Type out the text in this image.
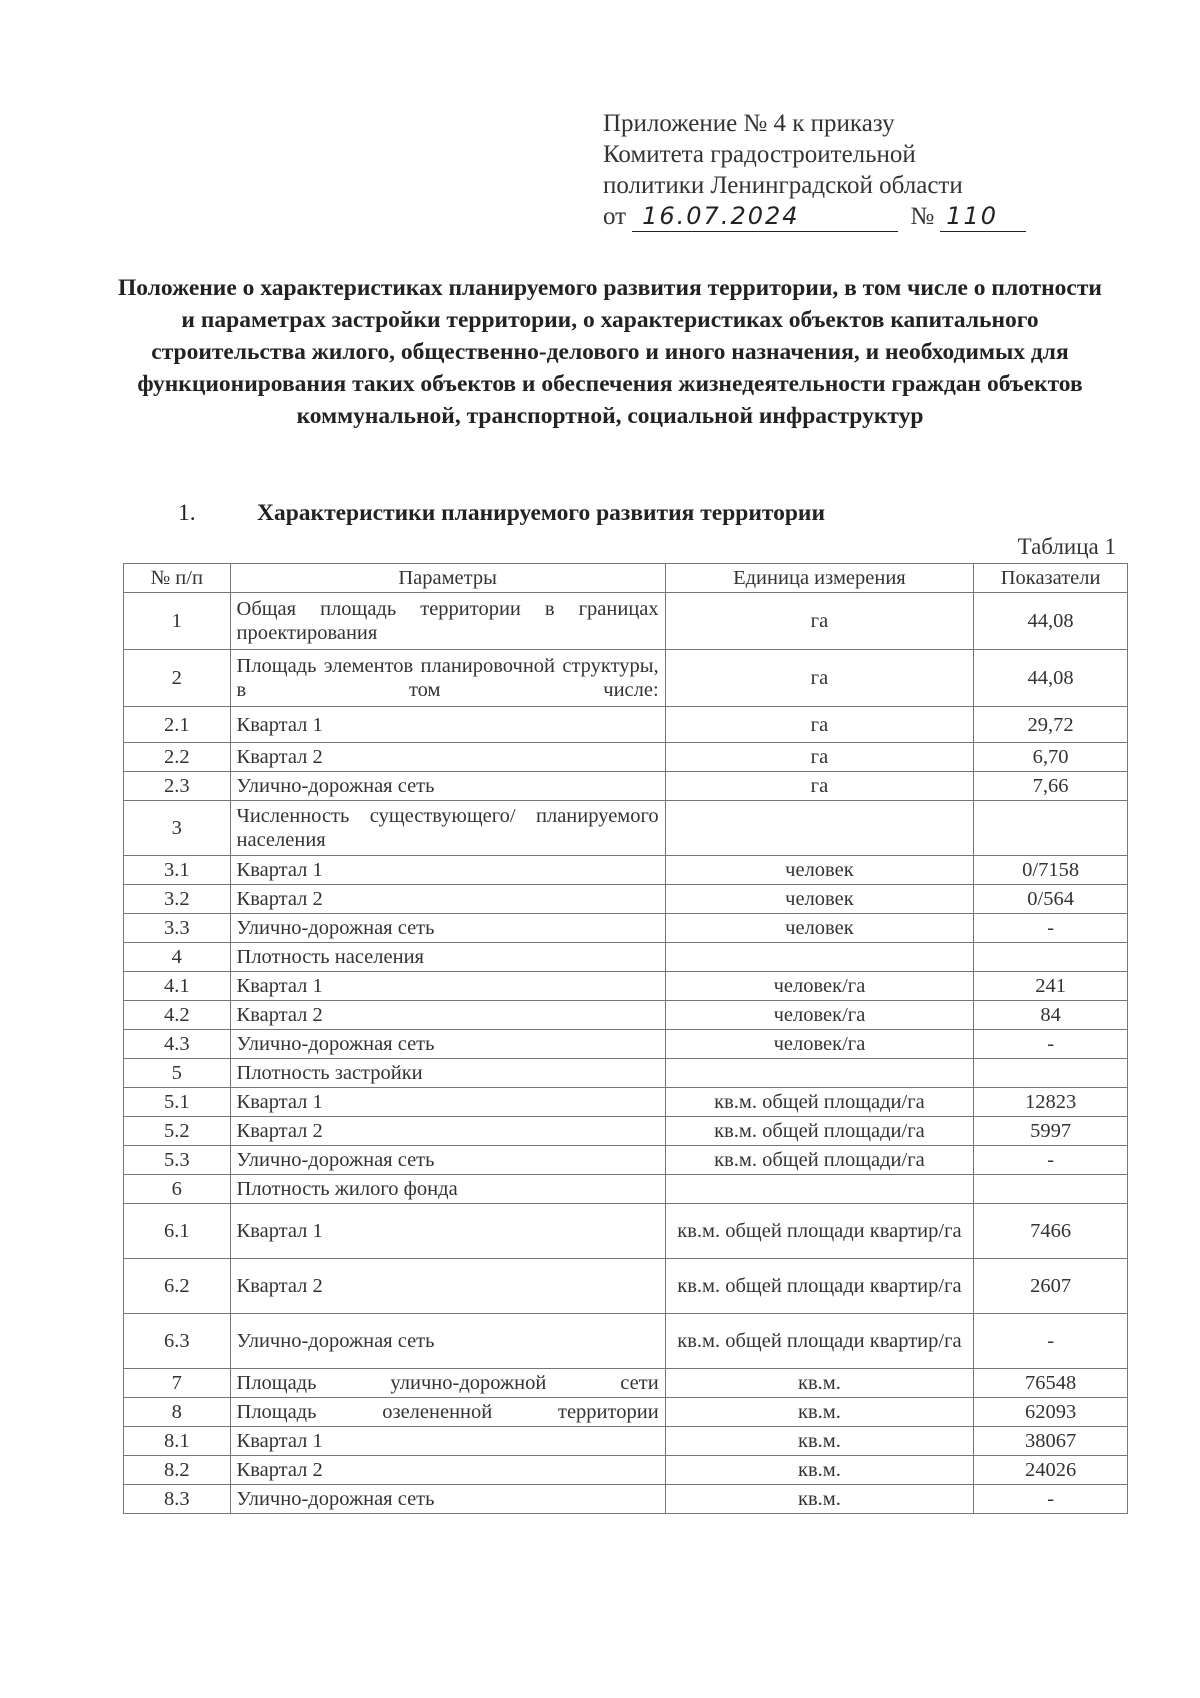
Приложение № 4 к приказу
Комитета градостроительной
политики Ленинградской области
от 16.07.2024	№ 110
Положение о характеристиках планируемого развития территории, в том числе о плотности и параметрах застройки территории, о характеристиках объектов капитального строительства жилого, общественно-делового и иного назначения, и необходимых для функционирования таких объектов и обеспечения жизнедеятельности граждан объектов коммунальной, транспортной, социальной инфраструктур
1.	Характеристики планируемого развития территории
Таблица 1
№ п/п	Параметры	Единица измерения	Показатели
1	Общая площадь территории в границах проектирования	га	44,08
2	Площадь элементов планировочной структуры, в том числе:	га	44,08
2.1	Квартал 1	га	29,72
2.2	Квартал 2	га	6,70
2.3	Улично-дорожная сеть	га	7,66
3	Численность существующего/ планируемого населения		
3.1	Квартал 1	человек	0/7158
3.2	Квартал 2	человек	0/564
3.3	Улично-дорожная сеть	человек	-
4	Плотность населения		
4.1	Квартал 1	человек/га	241
4.2	Квартал 2	человек/га	84
4.3	Улично-дорожная сеть	человек/га	-
5	Плотность застройки		
5.1	Квартал 1	кв.м. общей площади/га	12823
5.2	Квартал 2	кв.м. общей площади/га	5997
5.3	Улично-дорожная сеть	кв.м. общей площади/га	-
6	Плотность жилого фонда		
6.1	Квартал 1	кв.м. общей площади квартир/га	7466
6.2	Квартал 2	кв.м. общей площади квартир/га	2607
6.3	Улично-дорожная сеть	кв.м. общей площади квартир/га	-
7	Площадь улично-дорожной сети	кв.м.	76548
8	Площадь озелененной территории	кв.м.	62093
8.1	Квартал 1	кв.м.	38067
8.2	Квартал 2	кв.м.	24026
8.3	Улично-дорожная сеть	кв.м.	-
